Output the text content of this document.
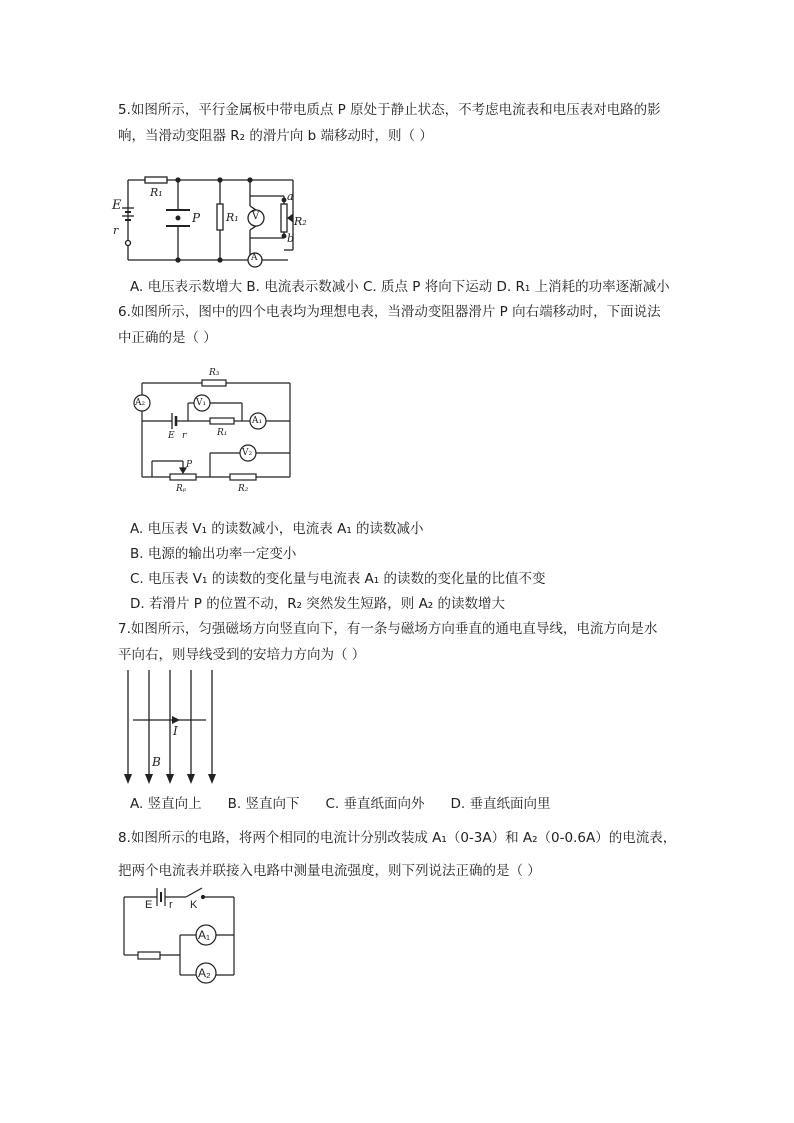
5.如图所示，平行金属板中带电质点 P 原处于静止状态，不考虑电流表和电压表对电路的影
响，当滑动变阻器 R₂ 的滑片向 b 端移动时，则（ ）
R₁
E
r
P R₁ V
a
R₂
b
A
A. 电压表示数增大 B. 电流表示数减小 C. 质点 P 将向下运动 D. R₁ 上消耗的功率逐渐减小
6.如图所示，图中的四个电表均为理想电表，当滑动变阻器滑片 P 向右端移动时，下面说法
中正确的是（ ）
R₃
A₂	V₁
A₁
E r	R₁
V₂
P
Rₚ	R₂
A. 电压表 V₁ 的读数减小，电流表 A₁ 的读数减小
B. 电源的输出功率一定变小
C. 电压表 V₁ 的读数的变化量与电流表 A₁ 的读数的变化量的比值不变
D. 若滑片 P 的位置不动，R₂ 突然发生短路，则 A₂ 的读数增大
7.如图所示，匀强磁场方向竖直向下，有一条与磁场方向垂直的通电直导线，电流方向是水
平向右，则导线受到的安培力方向为（ ）
I
B
A. 竖直向上 B. 竖直向下 C. 垂直纸面向外 D. 垂直纸面向里
8.如图所示的电路，将两个相同的电流计分别改装成 A₁（0-3A）和 A₂（0-0.6A）的电流表，
把两个电流表并联接入电路中测量电流强度，则下列说法正确的是（ ）
E r K
A₁
A₂
